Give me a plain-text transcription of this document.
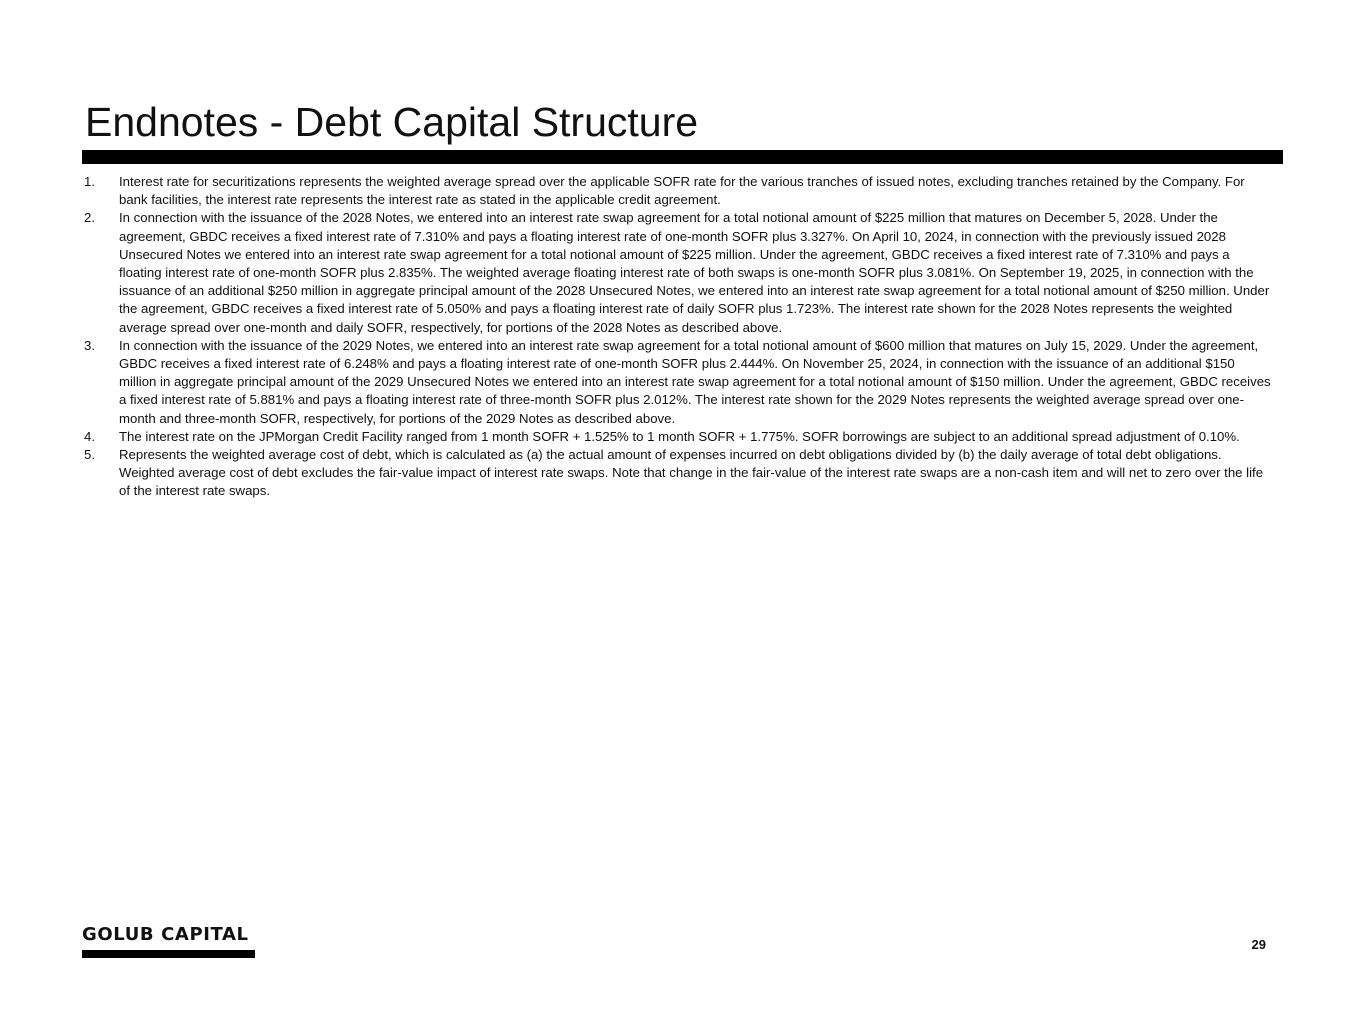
Endnotes - Debt Capital Structure
1.	Interest rate for securitizations represents the weighted average spread over the applicable SOFR rate for the various tranches of issued notes, excluding tranches retained by the Company. For bank facilities, the interest rate represents the interest rate as stated in the applicable credit agreement.
2.	In connection with the issuance of the 2028 Notes, we entered into an interest rate swap agreement for a total notional amount of $225 million that matures on December 5, 2028. Under the agreement, GBDC receives a fixed interest rate of 7.310% and pays a floating interest rate of one-month SOFR plus 3.327%. On April 10, 2024, in connection with the previously issued 2028 Unsecured Notes we entered into an interest rate swap agreement for a total notional amount of $225 million. Under the agreement, GBDC receives a fixed interest rate of 7.310% and pays a floating interest rate of one-month SOFR plus 2.835%. The weighted average floating interest rate of both swaps is one-month SOFR plus 3.081%. On September 19, 2025, in connection with the issuance of an additional $250 million in aggregate principal amount of the 2028 Unsecured Notes, we entered into an interest rate swap agreement for a total notional amount of $250 million. Under the agreement, GBDC receives a fixed interest rate of 5.050% and pays a floating interest rate of daily SOFR plus 1.723%. The interest rate shown for the 2028 Notes represents the weighted average spread over one-month and daily SOFR, respectively, for portions of the 2028 Notes as described above.
3.	In connection with the issuance of the 2029 Notes, we entered into an interest rate swap agreement for a total notional amount of $600 million that matures on July 15, 2029. Under the agreement, GBDC receives a fixed interest rate of 6.248% and pays a floating interest rate of one-month SOFR plus 2.444%. On November 25, 2024, in connection with the issuance of an additional $150 million in aggregate principal amount of the 2029 Unsecured Notes we entered into an interest rate swap agreement for a total notional amount of $150 million. Under the agreement, GBDC receives a fixed interest rate of 5.881% and pays a floating interest rate of three-month SOFR plus 2.012%. The interest rate shown for the 2029 Notes represents the weighted average spread over one-month and three-month SOFR, respectively, for portions of the 2029 Notes as described above.
4.	The interest rate on the JPMorgan Credit Facility ranged from 1 month SOFR + 1.525% to 1 month SOFR + 1.775%. SOFR borrowings are subject to an additional spread adjustment of 0.10%.
5.	Represents the weighted average cost of debt, which is calculated as (a) the actual amount of expenses incurred on debt obligations divided by (b) the daily average of total debt obligations. Weighted average cost of debt excludes the fair-value impact of interest rate swaps. Note that change in the fair-value of the interest rate swaps are a non-cash item and will net to zero over the life of the interest rate swaps.
GOLUB CAPITAL	29
